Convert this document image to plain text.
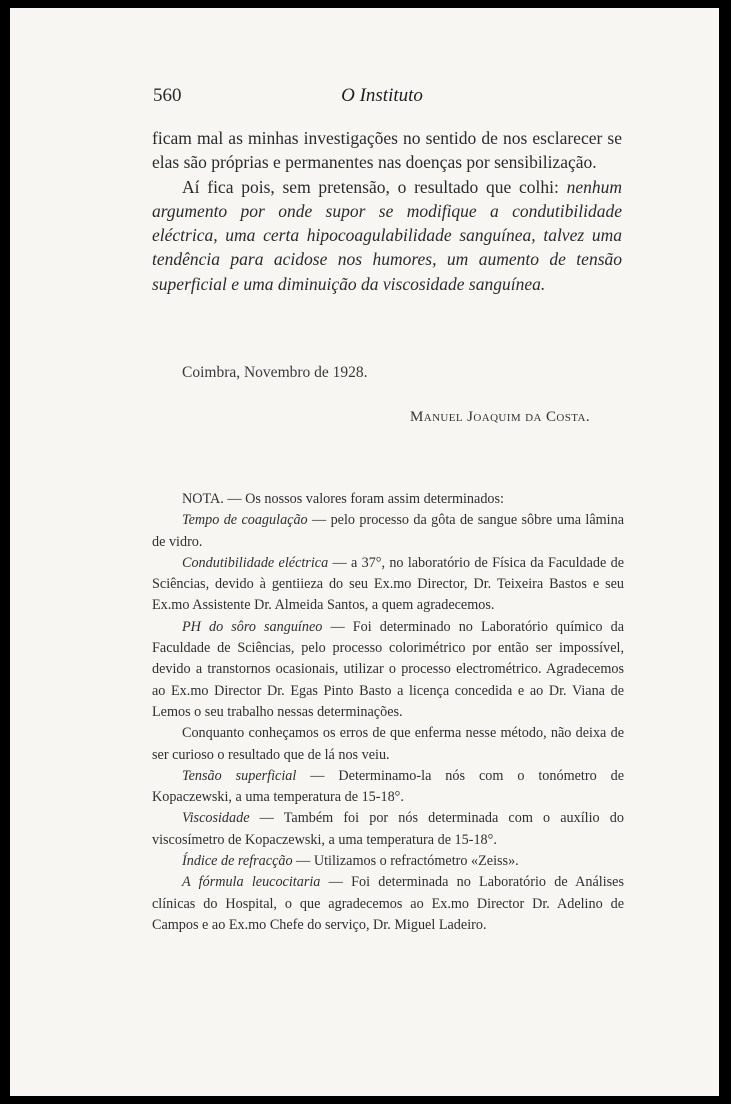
560	O Instituto

ficam mal as minhas investigações no sentido de nos esclarecer se elas são próprias e permanentes nas doenças por sensibilização.

Aí fica pois, sem pretensão, o resultado que colhi: nenhum argumento por onde supor se modifique a condutibilidade eléctrica, uma certa hipocoagulabilidade sanguínea, talvez uma tendência para acidose nos humores, um aumento de tensão superficial e uma diminuição da viscosidade sanguínea.

Coimbra, Novembro de 1928.
Manuel Joaquim da Costa.

NOTA. — Os nossos valores foram assim determinados:

Tempo de coagulação — pelo processo da gôta de sangue sôbre uma lâmina de vidro.

Condutibilidade eléctrica — a 37°, no laboratório de Física da Faculdade de Sciências, devido à gentiieza do seu Ex.mo Director, Dr. Teixeira Bastos e seu Ex.mo Assistente Dr. Almeida Santos, a quem agradecemos.

PH do sôro sanguíneo — Foi determinado no Laboratório químico da Faculdade de Sciências, pelo processo colorimétrico por então ser impossível, devido a transtornos ocasionais, utilizar o processo electrométrico. Agradecemos ao Ex.mo Director Dr. Egas Pinto Basto a licença concedida e ao Dr. Viana de Lemos o seu trabalho nessas determinações.

Conquanto conheçamos os erros de que enferma nesse método, não deixa de ser curioso o resultado que de lá nos veiu.

Tensão superficial — Determinamo-la nós com o tonómetro de Kopaczewski, a uma temperatura de 15-18°.

Viscosidade — Também foi por nós determinada com o auxílio do viscosímetro de Kopaczewski, a uma temperatura de 15-18°.

Índice de refracção — Utilizamos o refractómetro «Zeiss».

A fórmula leucocitaria — Foi determinada no Laboratório de Análises clínicas do Hospital, o que agradecemos ao Ex.mo Director Dr. Adelino de Campos e ao Ex.mo Chefe do serviço, Dr. Miguel Ladeiro.
